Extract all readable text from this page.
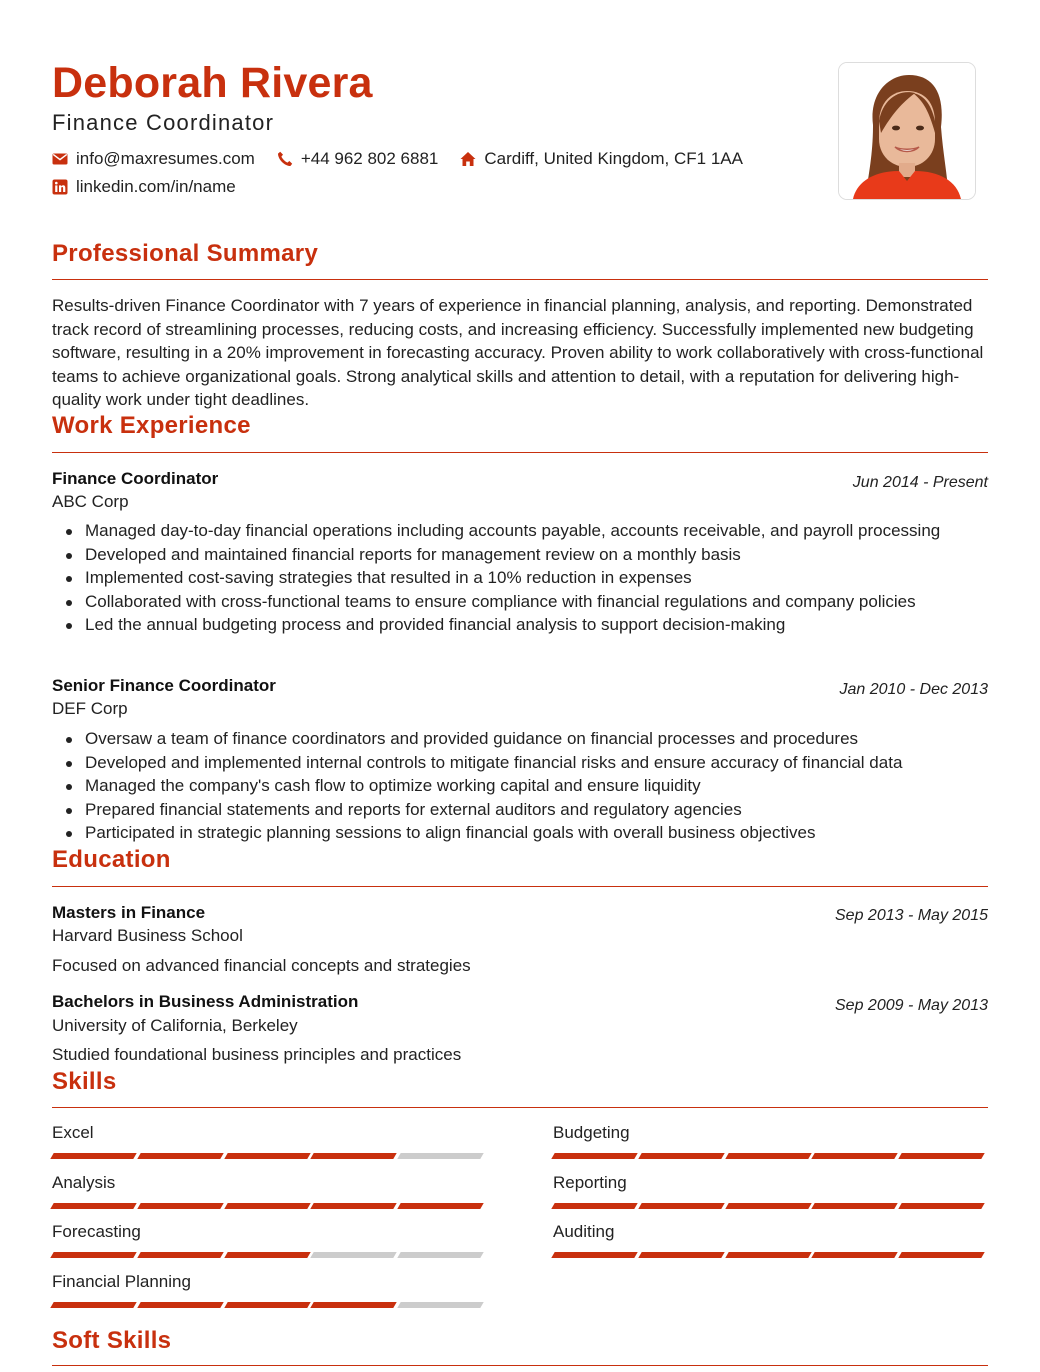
Deborah Rivera
Finance Coordinator
info@maxresumes.com	+44 962 802 6881	Cardiff, United Kingdom, CF1 1AA
linkedin.com/in/name
Professional Summary

Results-driven Finance Coordinator with 7 years of experience in financial planning, analysis, and reporting. Demonstrated track record of streamlining processes, reducing costs, and increasing efficiency. Successfully implemented new budgeting software, resulting in a 20% improvement in forecasting accuracy. Proven ability to work collaboratively with cross-functional teams to achieve organizational goals. Strong analytical skills and attention to detail, with a reputation for delivering high-quality work under tight deadlines.

Work Experience
Finance Coordinator	Jun 2014 - Present
ABC Corp
Managed day-to-day financial operations including accounts payable, accounts receivable, and payroll processing
Developed and maintained financial reports for management review on a monthly basis
Implemented cost-saving strategies that resulted in a 10% reduction in expenses
Collaborated with cross-functional teams to ensure compliance with financial regulations and company policies
Led the annual budgeting process and provided financial analysis to support decision-making
Senior Finance Coordinator	Jan 2010 - Dec 2013
DEF Corp
Oversaw a team of finance coordinators and provided guidance on financial processes and procedures
Developed and implemented internal controls to mitigate financial risks and ensure accuracy of financial data
Managed the company's cash flow to optimize working capital and ensure liquidity
Prepared financial statements and reports for external auditors and regulatory agencies
Participated in strategic planning sessions to align financial goals with overall business objectives
Education
Masters in Finance	Sep 2013 - May 2015
Harvard Business School
Focused on advanced financial concepts and strategies
Bachelors in Business Administration	Sep 2009 - May 2013
University of California, Berkeley
Studied foundational business principles and practices
Skills
Excel	Budgeting
Analysis	Reporting
Forecasting	Auditing
Financial Planning
Soft Skills
